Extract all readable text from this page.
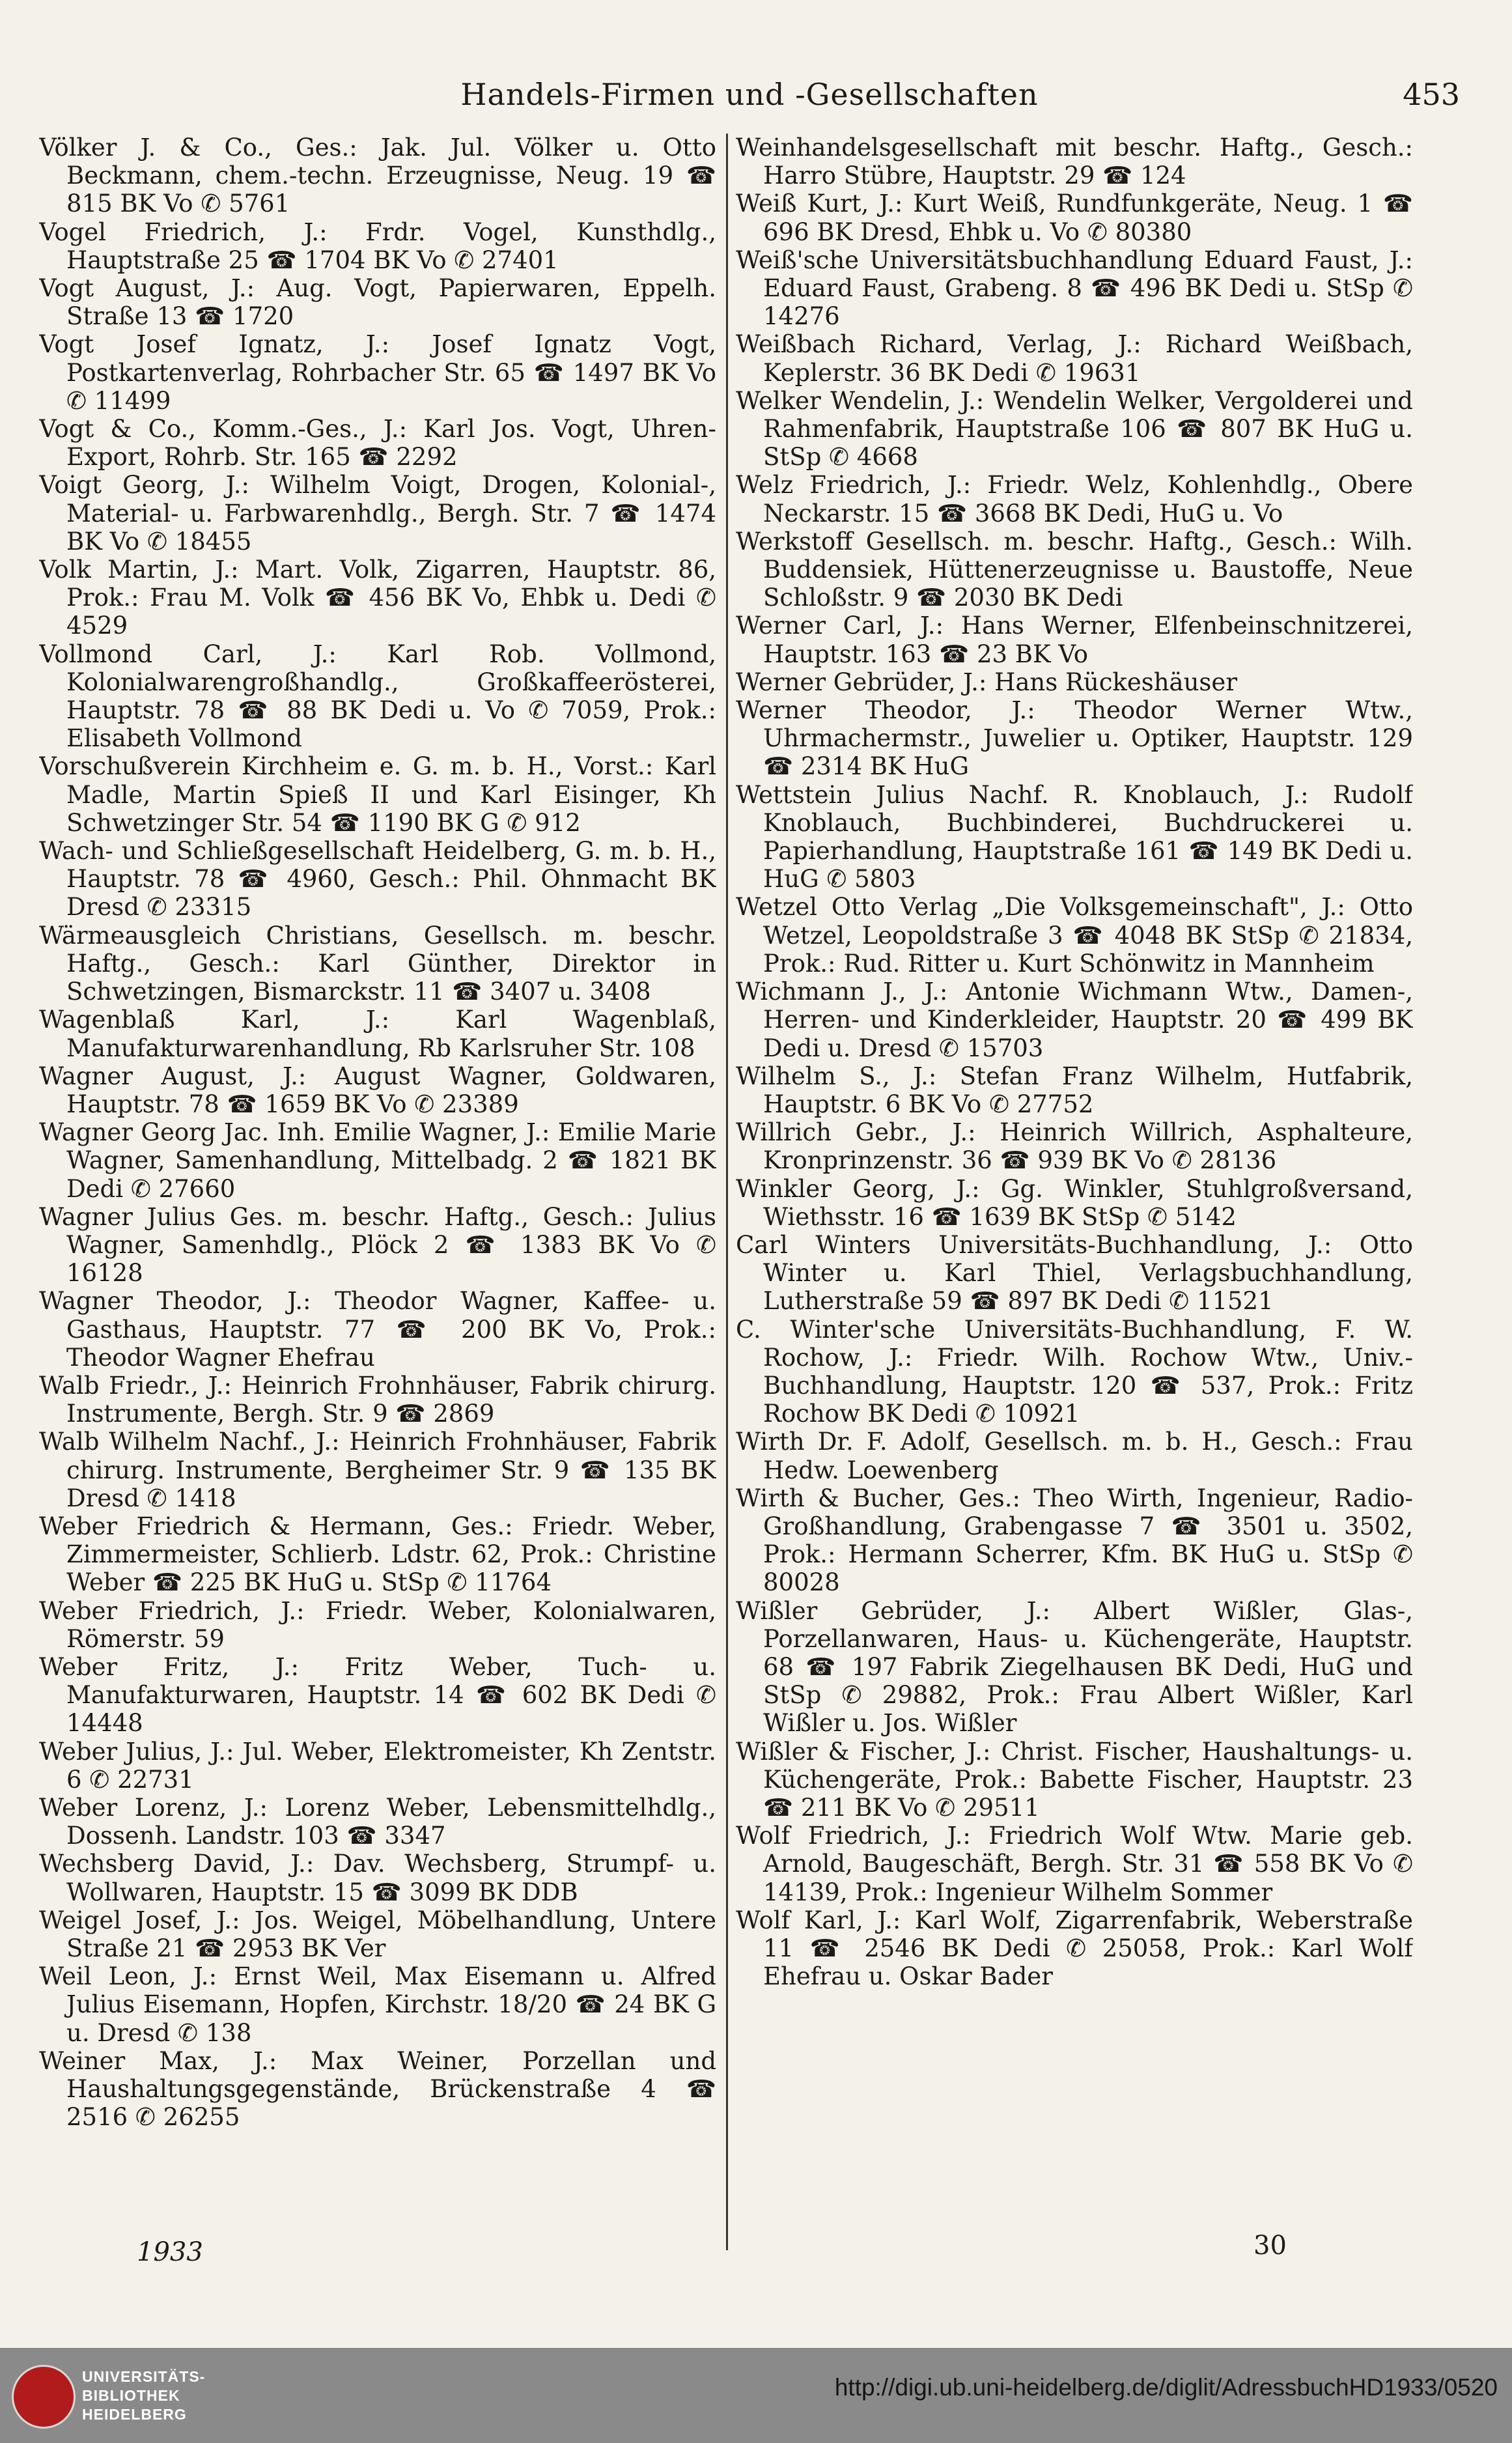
Handels-Firmen und -Gesellschaften	453

Völker J. & Co., Ges.: Jak. Jul. Völker u. Otto Beckmann, chem.-techn. Erzeugnisse, Neug. 19 ☎ 815 BK Vo ✆ 5761

Vogel Friedrich, J.: Frdr. Vogel, Kunsthdlg., Hauptstraße 25 ☎ 1704 BK Vo ✆ 27401

Vogt August, J.: Aug. Vogt, Papierwaren, Eppelh. Straße 13 ☎ 1720

Vogt Josef Ignatz, J.: Josef Ignatz Vogt, Postkartenverlag, Rohrbacher Str. 65 ☎ 1497 BK Vo ✆ 11499

Vogt & Co., Komm.-Ges., J.: Karl Jos. Vogt, Uhren-Export, Rohrb. Str. 165 ☎ 2292

Voigt Georg, J.: Wilhelm Voigt, Drogen, Kolonial-, Material- u. Farbwarenhdlg., Bergh. Str. 7 ☎ 1474 BK Vo ✆ 18455

Volk Martin, J.: Mart. Volk, Zigarren, Hauptstr. 86, Prok.: Frau M. Volk ☎ 456 BK Vo, Ehbk u. Dedi ✆ 4529

Vollmond Carl, J.: Karl Rob. Vollmond, Kolonialwarengroßhandlg., Großkaffeerösterei, Hauptstr. 78 ☎ 88 BK Dedi u. Vo ✆ 7059, Prok.: Elisabeth Vollmond

Vorschußverein Kirchheim e. G. m. b. H., Vorst.: Karl Madle, Martin Spieß II und Karl Eisinger, Kh Schwetzinger Str. 54 ☎ 1190 BK G ✆ 912

Wach- und Schließgesellschaft Heidelberg, G. m. b. H., Hauptstr. 78 ☎ 4960, Gesch.: Phil. Ohnmacht BK Dresd ✆ 23315

Wärmeausgleich Christians, Gesellsch. m. beschr. Haftg., Gesch.: Karl Günther, Direktor in Schwetzingen, Bismarckstr. 11 ☎ 3407 u. 3408

Wagenblaß Karl, J.: Karl Wagenblaß, Manufakturwarenhandlung, Rb Karlsruher Str. 108

Wagner August, J.: August Wagner, Goldwaren, Hauptstr. 78 ☎ 1659 BK Vo ✆ 23389

Wagner Georg Jac. Inh. Emilie Wagner, J.: Emilie Marie Wagner, Samenhandlung, Mittelbadg. 2 ☎ 1821 BK Dedi ✆ 27660

Wagner Julius Ges. m. beschr. Haftg., Gesch.: Julius Wagner, Samenhdlg., Plöck 2 ☎ 1383 BK Vo ✆ 16128

Wagner Theodor, J.: Theodor Wagner, Kaffee- u. Gasthaus, Hauptstr. 77 ☎ 200 BK Vo, Prok.: Theodor Wagner Ehefrau

Walb Friedr., J.: Heinrich Frohnhäuser, Fabrik chirurg. Instrumente, Bergh. Str. 9 ☎ 2869

Walb Wilhelm Nachf., J.: Heinrich Frohnhäuser, Fabrik chirurg. Instrumente, Bergheimer Str. 9 ☎ 135 BK Dresd ✆ 1418

Weber Friedrich & Hermann, Ges.: Friedr. Weber, Zimmermeister, Schlierb. Ldstr. 62, Prok.: Christine Weber ☎ 225 BK HuG u. StSp ✆ 11764

Weber Friedrich, J.: Friedr. Weber, Kolonialwaren, Römerstr. 59

Weber Fritz, J.: Fritz Weber, Tuch- u. Manufakturwaren, Hauptstr. 14 ☎ 602 BK Dedi ✆ 14448

Weber Julius, J.: Jul. Weber, Elektromeister, Kh Zentstr. 6 ✆ 22731

Weber Lorenz, J.: Lorenz Weber, Lebensmittelhdlg., Dossenh. Landstr. 103 ☎ 3347

Wechsberg David, J.: Dav. Wechsberg, Strumpf- u. Wollwaren, Hauptstr. 15 ☎ 3099 BK DDB

Weigel Josef, J.: Jos. Weigel, Möbelhandlung, Untere Straße 21 ☎ 2953 BK Ver

Weil Leon, J.: Ernst Weil, Max Eisemann u. Alfred Julius Eisemann, Hopfen, Kirchstr. 18/20 ☎ 24 BK G u. Dresd ✆ 138

Weiner Max, J.: Max Weiner, Porzellan und Haushaltungsgegenstände, Brückenstraße 4 ☎ 2516 ✆ 26255

Weinhandelsgesellschaft mit beschr. Haftg., Gesch.: Harro Stübre, Hauptstr. 29 ☎ 124

Weiß Kurt, J.: Kurt Weiß, Rundfunkgeräte, Neug. 1 ☎ 696 BK Dresd, Ehbk u. Vo ✆ 80380

Weiß'sche Universitätsbuchhandlung Eduard Faust, J.: Eduard Faust, Grabeng. 8 ☎ 496 BK Dedi u. StSp ✆ 14276

Weißbach Richard, Verlag, J.: Richard Weißbach, Keplerstr. 36 BK Dedi ✆ 19631

Welker Wendelin, J.: Wendelin Welker, Vergolderei und Rahmenfabrik, Hauptstraße 106 ☎ 807 BK HuG u. StSp ✆ 4668

Welz Friedrich, J.: Friedr. Welz, Kohlenhdlg., Obere Neckarstr. 15 ☎ 3668 BK Dedi, HuG u. Vo

Werkstoff Gesellsch. m. beschr. Haftg., Gesch.: Wilh. Buddensiek, Hüttenerzeugnisse u. Baustoffe, Neue Schloßstr. 9 ☎ 2030 BK Dedi

Werner Carl, J.: Hans Werner, Elfenbeinschnitzerei, Hauptstr. 163 ☎ 23 BK Vo

Werner Gebrüder, J.: Hans Rückeshäuser

Werner Theodor, J.: Theodor Werner Wtw., Uhrmachermstr., Juwelier u. Optiker, Hauptstr. 129 ☎ 2314 BK HuG

Wettstein Julius Nachf. R. Knoblauch, J.: Rudolf Knoblauch, Buchbinderei, Buchdruckerei u. Papierhandlung, Hauptstraße 161 ☎ 149 BK Dedi u. HuG ✆ 5803

Wetzel Otto Verlag „Die Volksgemeinschaft", J.: Otto Wetzel, Leopoldstraße 3 ☎ 4048 BK StSp ✆ 21834, Prok.: Rud. Ritter u. Kurt Schönwitz in Mannheim

Wichmann J., J.: Antonie Wichmann Wtw., Damen-, Herren- und Kinderkleider, Hauptstr. 20 ☎ 499 BK Dedi u. Dresd ✆ 15703

Wilhelm S., J.: Stefan Franz Wilhelm, Hutfabrik, Hauptstr. 6 BK Vo ✆ 27752

Willrich Gebr., J.: Heinrich Willrich, Asphalteure, Kronprinzenstr. 36 ☎ 939 BK Vo ✆ 28136

Winkler Georg, J.: Gg. Winkler, Stuhlgroßversand, Wiethsstr. 16 ☎ 1639 BK StSp ✆ 5142

Carl Winters Universitäts-Buchhandlung, J.: Otto Winter u. Karl Thiel, Verlagsbuchhandlung, Lutherstraße 59 ☎ 897 BK Dedi ✆ 11521

C. Winter'sche Universitäts-Buchhandlung, F. W. Rochow, J.: Friedr. Wilh. Rochow Wtw., Univ.-Buchhandlung, Hauptstr. 120 ☎ 537, Prok.: Fritz Rochow BK Dedi ✆ 10921

Wirth Dr. F. Adolf, Gesellsch. m. b. H., Gesch.: Frau Hedw. Loewenberg

Wirth & Bucher, Ges.: Theo Wirth, Ingenieur, Radio-Großhandlung, Grabengasse 7 ☎ 3501 u. 3502, Prok.: Hermann Scherrer, Kfm. BK HuG u. StSp ✆ 80028

Wißler Gebrüder, J.: Albert Wißler, Glas-, Porzellanwaren, Haus- u. Küchengeräte, Hauptstr. 68 ☎ 197 Fabrik Ziegelhausen BK Dedi, HuG und StSp ✆ 29882, Prok.: Frau Albert Wißler, Karl Wißler u. Jos. Wißler

Wißler & Fischer, J.: Christ. Fischer, Haushaltungs- u. Küchengeräte, Prok.: Babette Fischer, Hauptstr. 23 ☎ 211 BK Vo ✆ 29511

Wolf Friedrich, J.: Friedrich Wolf Wtw. Marie geb. Arnold, Baugeschäft, Bergh. Str. 31 ☎ 558 BK Vo ✆ 14139, Prok.: Ingenieur Wilhelm Sommer

Wolf Karl, J.: Karl Wolf, Zigarrenfabrik, Weberstraße 11 ☎ 2546 BK Dedi ✆ 25058, Prok.: Karl Wolf Ehefrau u. Oskar Bader

1933	30
UNIVERSITÄTS-
BIBLIOTHEK
HEIDELBERG
http://digi.ub.uni-heidelberg.de/diglit/AdressbuchHD1933/0520
